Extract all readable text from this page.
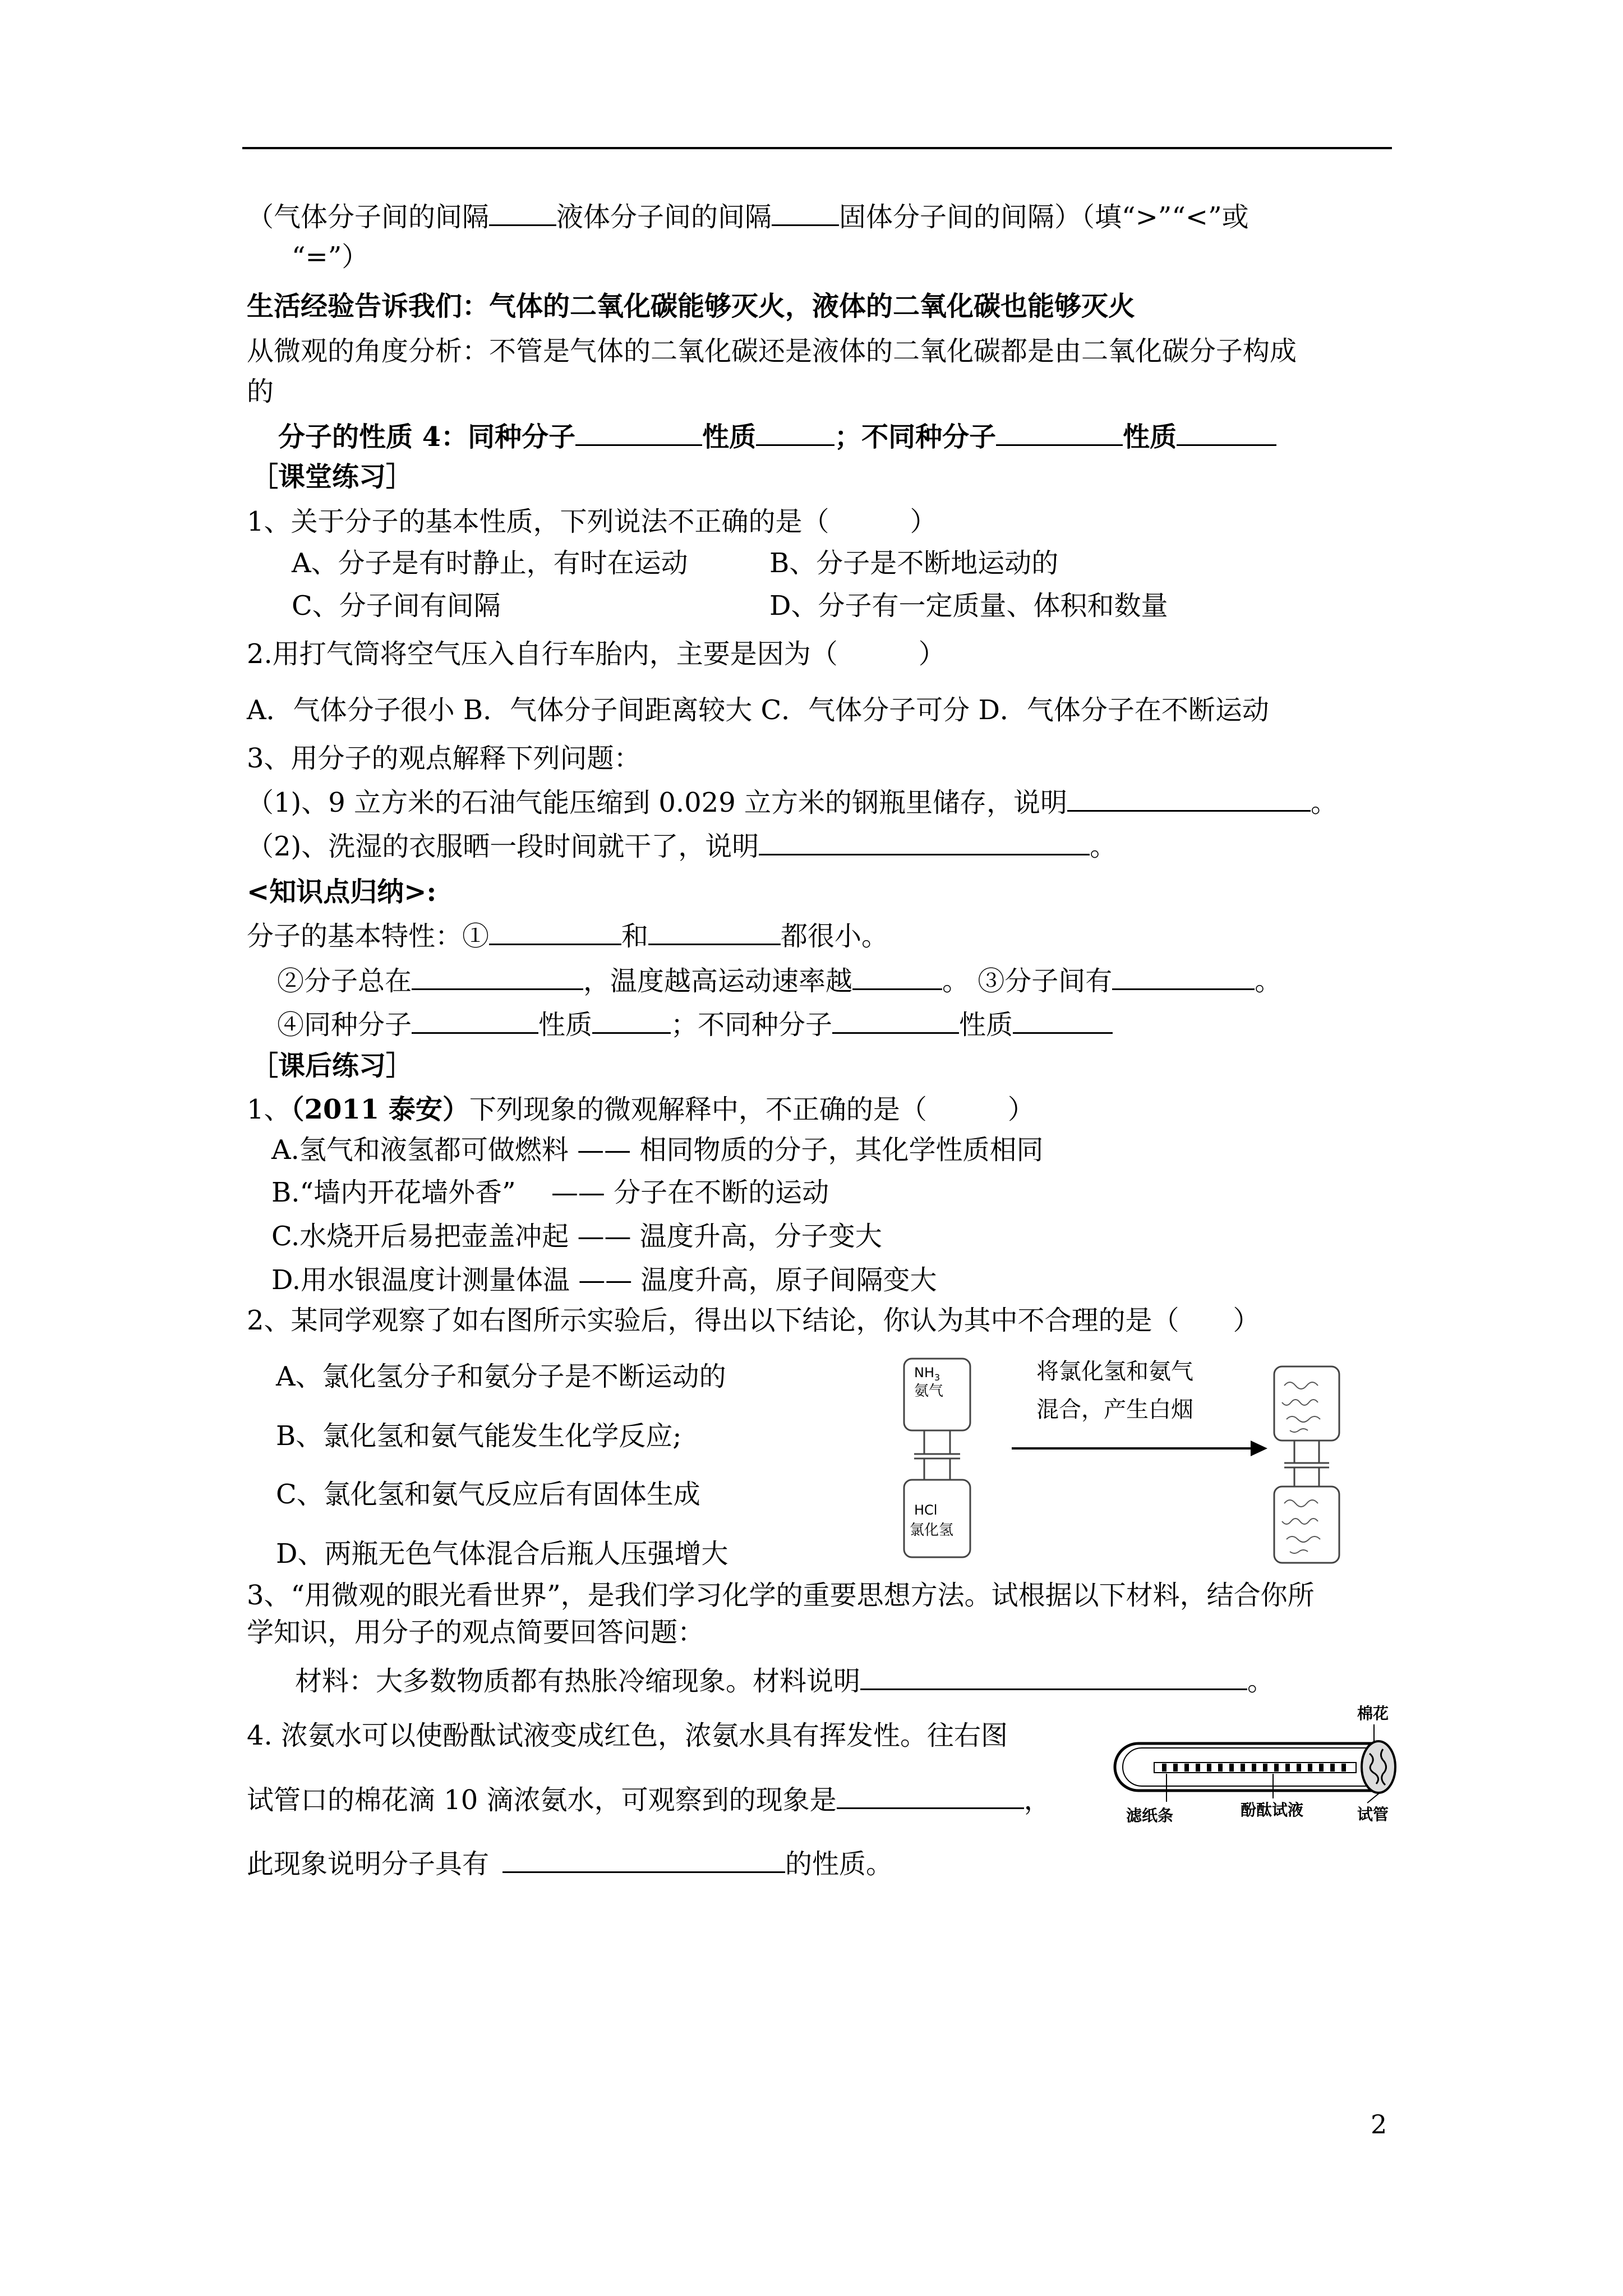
（气体分子间的间隔	液体分子间的间隔	固体分子间的间隔）（填“>”“<”或
“=”）
生活经验告诉我们：气体的二氧化碳能够灭火，液体的二氧化碳也能够灭火
从微观的角度分析：不管是气体的二氧化碳还是液体的二氧化碳都是由二氧化碳分子构成
的
分子的性质 4：同种分子	性质	；不同种分子	性质
［课堂练习］
1、关于分子的基本性质，下列说法不正确的是（　　　）
A、分子是有时静止，有时在运动	B、分子是不断地运动的
C、分子间有间隔	D、分子有一定质量、体积和数量
2.用打气筒将空气压入自行车胎内，主要是因为（　　　）
A．气体分子很小 B．气体分子间距离较大 C．气体分子可分 D．气体分子在不断运动
3、用分子的观点解释下列问题：
（1)、9 立方米的石油气能压缩到 0.029 立方米的钢瓶里储存，说明	。
（2)、洗湿的衣服晒一段时间就干了，说明	。
<知识点归纳>:
分子的基本特性：①	和	都很小。
②分子总在	，温度越高运动速率越	。 ③分子间有	。
④同种分子	性质	；不同种分子	性质
［课后练习］
1、（2011 泰安）下列现象的微观解释中，不正确的是（　　　）
A.氢气和液氢都可做燃料 —— 相同物质的分子，其化学性质相同
B.“墙内开花墙外香”　 —— 分子在不断的运动
C.水烧开后易把壶盖冲起 —— 温度升高，分子变大
D.用水银温度计测量体温 —— 温度升高，原子间隔变大
2、某同学观察了如右图所示实验后，得出以下结论，你认为其中不合理的是（　　）
A、氯化氢分子和氨分子是不断运动的
B、氯化氢和氨气能发生化学反应;
C、氯化氢和氨气反应后有固体生成
D、两瓶无色气体混合后瓶人压强增大
$NH_3$
氨气
HCl
氯化氢
将氯化氢和氨气
混合，产生白烟
3、“用微观的眼光看世界”，是我们学习化学的重要思想方法。试根据以下材料，结合你所
学知识，用分子的观点简要回答问题：
材料：大多数物质都有热胀冷缩现象。材料说明	。
4. 浓氨水可以使酚酞试液变成红色，浓氨水具有挥发性。往右图
试管口的棉花滴 10 滴浓氨水，可观察到的现象是	，
此现象说明分子具有	的性质。
棉花
滤纸条	酚酞试液	试管
2
